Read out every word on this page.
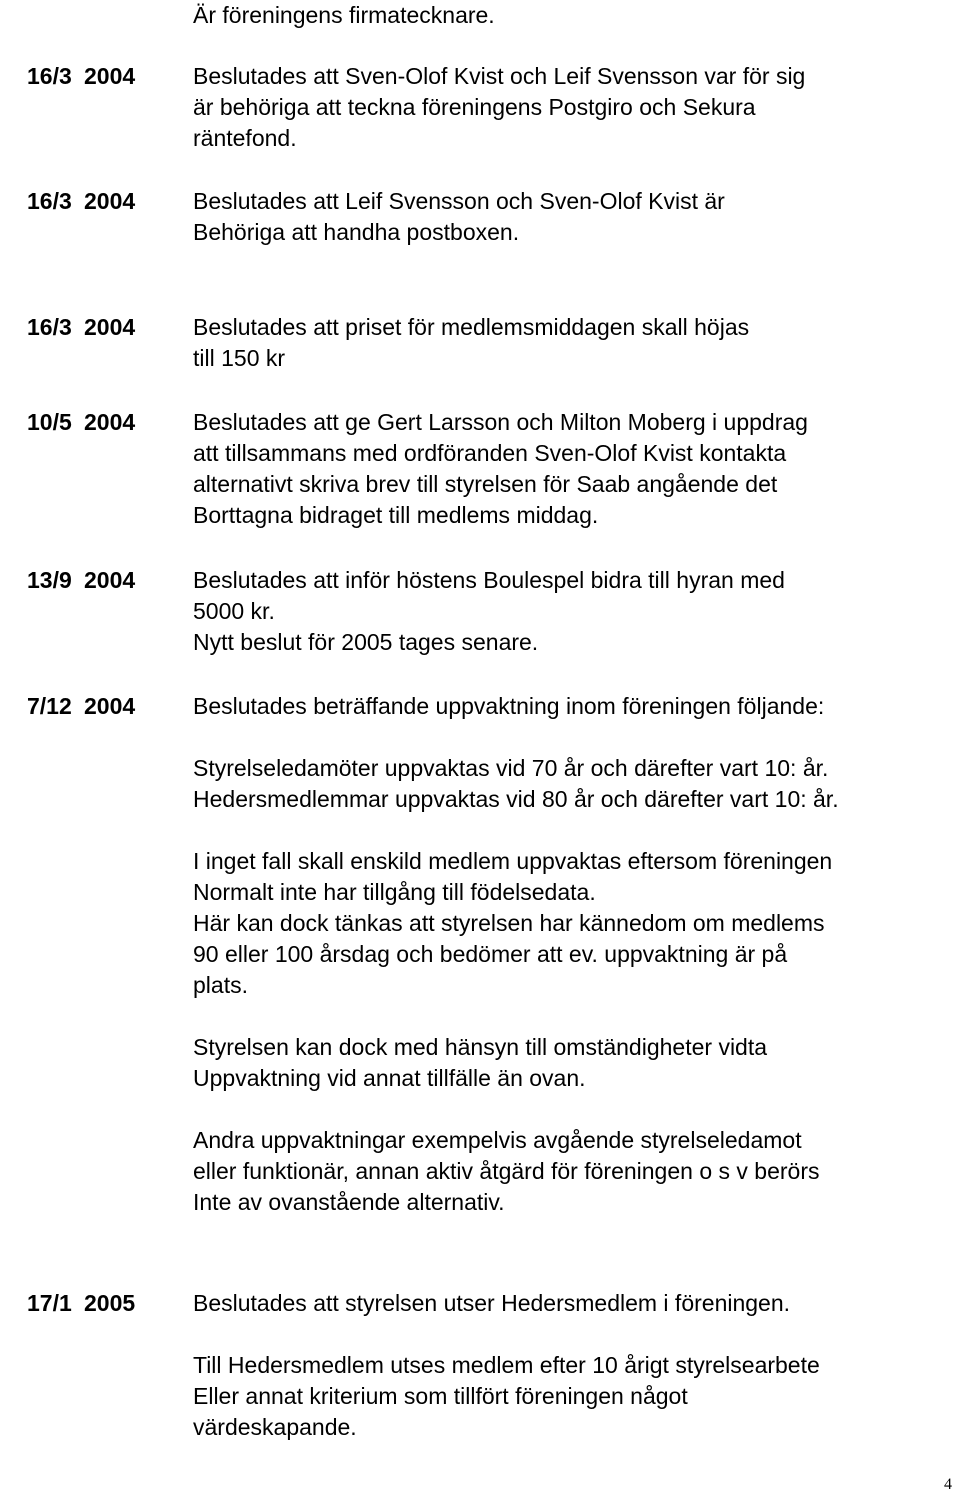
Är föreningens firmatecknare.
16/3 2004	Beslutades att Sven-Olof Kvist och Leif Svensson var för sig
är behöriga att teckna föreningens Postgiro och Sekura
räntefond.
16/3 2004	Beslutades att Leif Svensson och Sven-Olof Kvist är
Behöriga att handha postboxen.
16/3 2004	Beslutades att priset för medlemsmiddagen skall höjas
till 150 kr
10/5 2004	Beslutades att ge Gert Larsson och Milton Moberg i uppdrag
att tillsammans med ordföranden Sven-Olof Kvist kontakta
alternativt skriva brev till styrelsen för Saab angående det
Borttagna bidraget till medlems middag.
13/9 2004	Beslutades att inför höstens Boulespel bidra till hyran med
5000 kr.
Nytt beslut för 2005 tages senare.
7/12 2004	Beslutades beträffande uppvaktning inom föreningen följande:
Styrelseledamöter uppvaktas vid 70 år och därefter vart 10: år.
Hedersmedlemmar uppvaktas vid 80 år och därefter vart 10: år.
I inget fall skall enskild medlem uppvaktas eftersom föreningen
Normalt inte har tillgång till födelsedata.
Här kan dock tänkas att styrelsen har kännedom om medlems
90 eller 100 årsdag och bedömer att ev. uppvaktning är på
plats.
Styrelsen kan dock med hänsyn till omständigheter vidta
Uppvaktning vid annat tillfälle än ovan.
Andra uppvaktningar exempelvis avgående styrelseledamot
eller funktionär, annan aktiv åtgärd för föreningen o s v berörs
Inte av ovanstående alternativ.
17/1 2005	Beslutades att styrelsen utser Hedersmedlem i föreningen.
Till Hedersmedlem utses medlem efter 10 årigt styrelsearbete
Eller annat kriterium som tillfört föreningen något
värdeskapande.
4
